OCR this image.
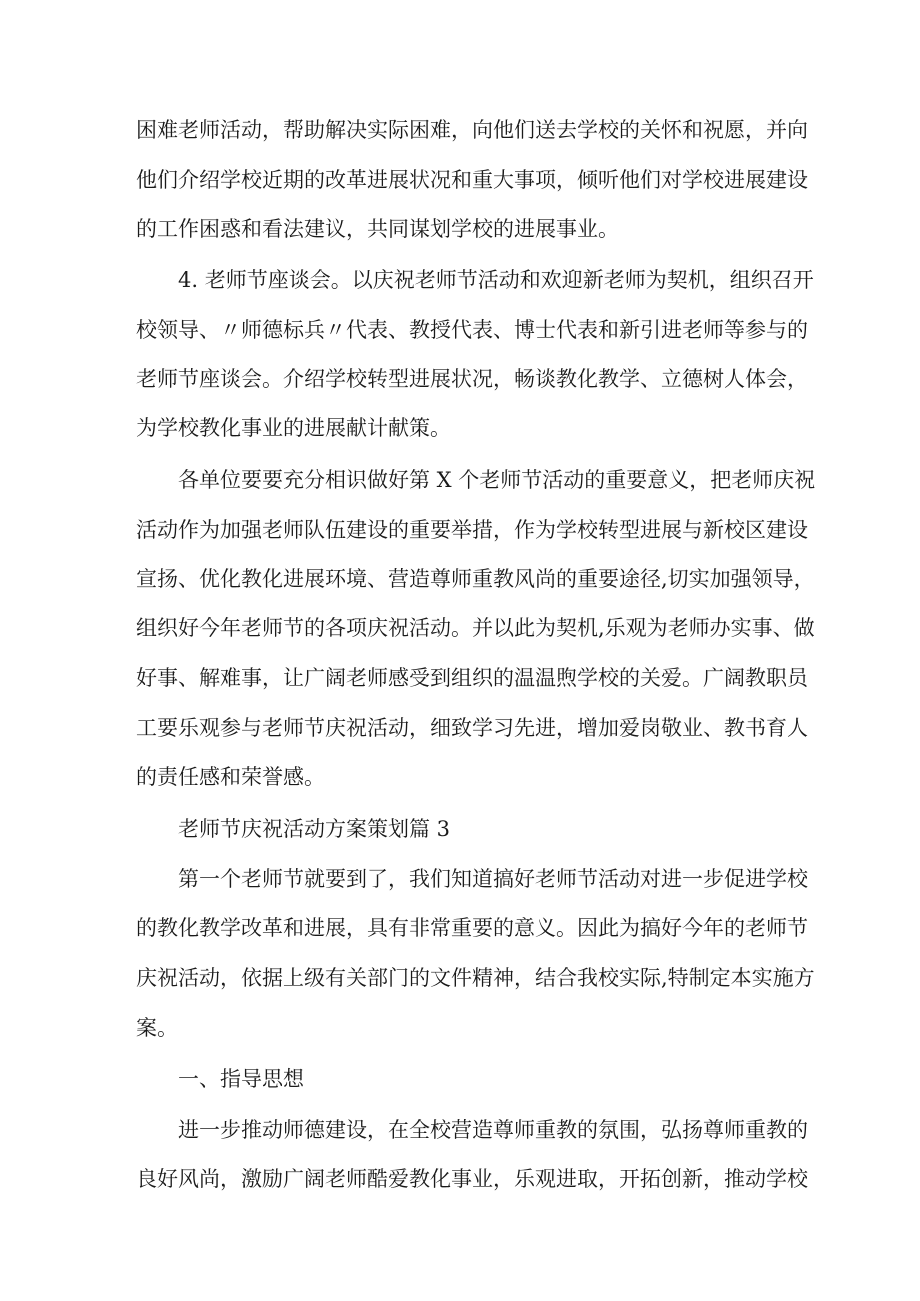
困难老师活动，帮助解决实际困难，向他们送去学校的关怀和祝愿，并向
他们介绍学校近期的改革进展状况和重大事项，倾听他们对学校进展建设
的工作困惑和看法建议，共同谋划学校的进展事业。
4. 老师节座谈会。以庆祝老师节活动和欢迎新老师为契机，组织召开
校领导、〃师德标兵〃代表、教授代表、博士代表和新引进老师等参与的
老师节座谈会。介绍学校转型进展状况，畅谈教化教学、立德树人体会，
为学校教化事业的进展献计献策。
各单位要要充分相识做好第 X 个老师节活动的重要意义，把老师庆祝
活动作为加强老师队伍建设的重要举措，作为学校转型进展与新校区建设
宣扬、优化教化进展环境、营造尊师重教风尚的重要途径,切实加强领导，
组织好今年老师节的各项庆祝活动。并以此为契机,乐观为老师办实事、做
好事、解难事，让广阔老师感受到组织的温温煦学校的关爱。广阔教职员
工要乐观参与老师节庆祝活动，细致学习先进，增加爱岗敬业、教书育人
的责任感和荣誉感。
老师节庆祝活动方案策划篇 3
第一个老师节就要到了，我们知道搞好老师节活动对进一步促进学校
的教化教学改革和进展，具有非常重要的意义。因此为搞好今年的老师节
庆祝活动，依据上级有关部门的文件精神，结合我校实际,特制定本实施方
案。
一、指导思想
进一步推动师德建设，在全校营造尊师重教的氛围，弘扬尊师重教的
良好风尚，激励广阔老师酷爱教化事业，乐观进取，开拓创新，推动学校
